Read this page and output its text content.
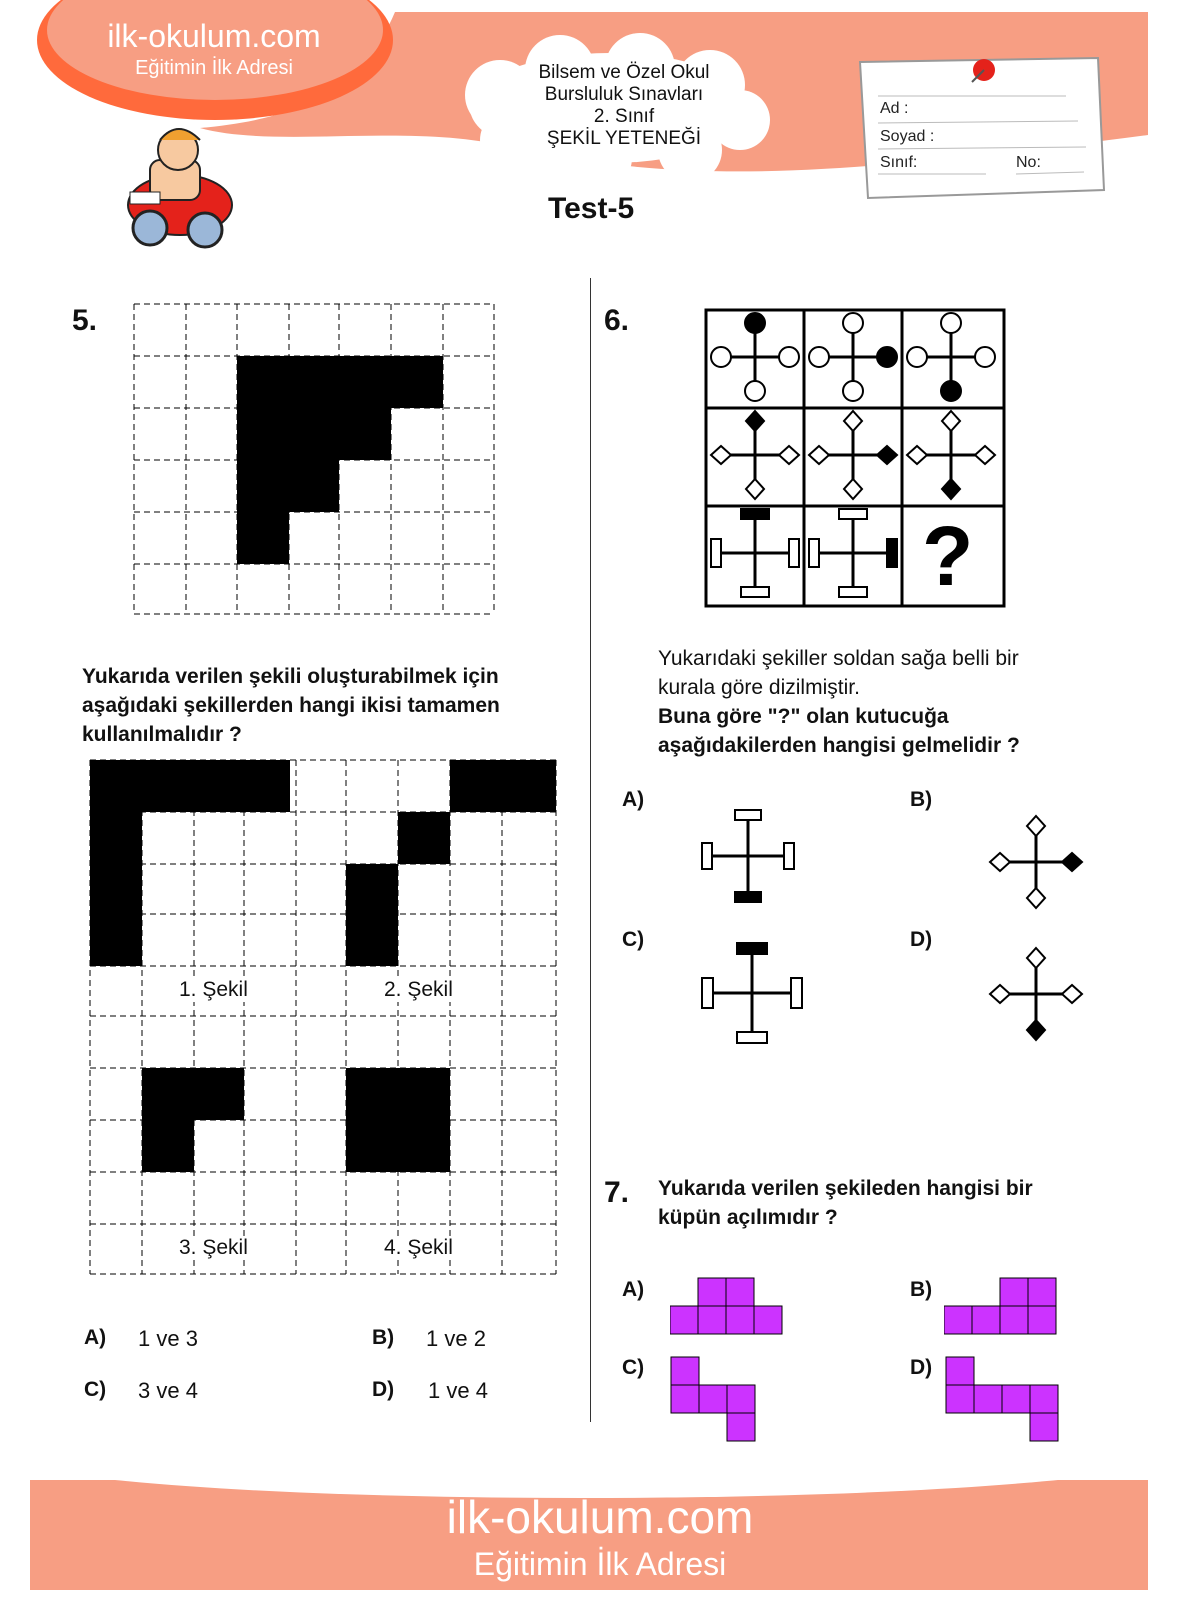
ilk-okulum.com
Eğitimin İlk Adresi	Bilsem ve Özel Okul
Bursluluk Sınavları
2. Sınıf
ŞEKİL YETENEĞİ
Test-5
Ad :
Soyad :
Sınıf:	No:
5.
Yukarıda verilen şekili oluşturabilmek için aşağıdaki şekillerden hangi ikisi tamamen kullanılmalıdır ?
1. Şekil	2. Şekil
3. Şekil	4. Şekil
A) 1 ve 3	B) 1 ve 2
C) 3 ve 4	D) 1 ve 4
6.
?
Yukarıdaki şekiller soldan sağa belli bir
kurala göre dizilmiştir.
Buna göre "?" olan kutucuğa
aşağıdakilerden hangisi gelmelidir ?
A)	B)
C)	D)
7. Yukarıda verilen şekileden hangisi bir
küpün açılımıdır ?
A)	B)
C)	D)
ilk-okulum.com
Eğitimin İlk Adresi
